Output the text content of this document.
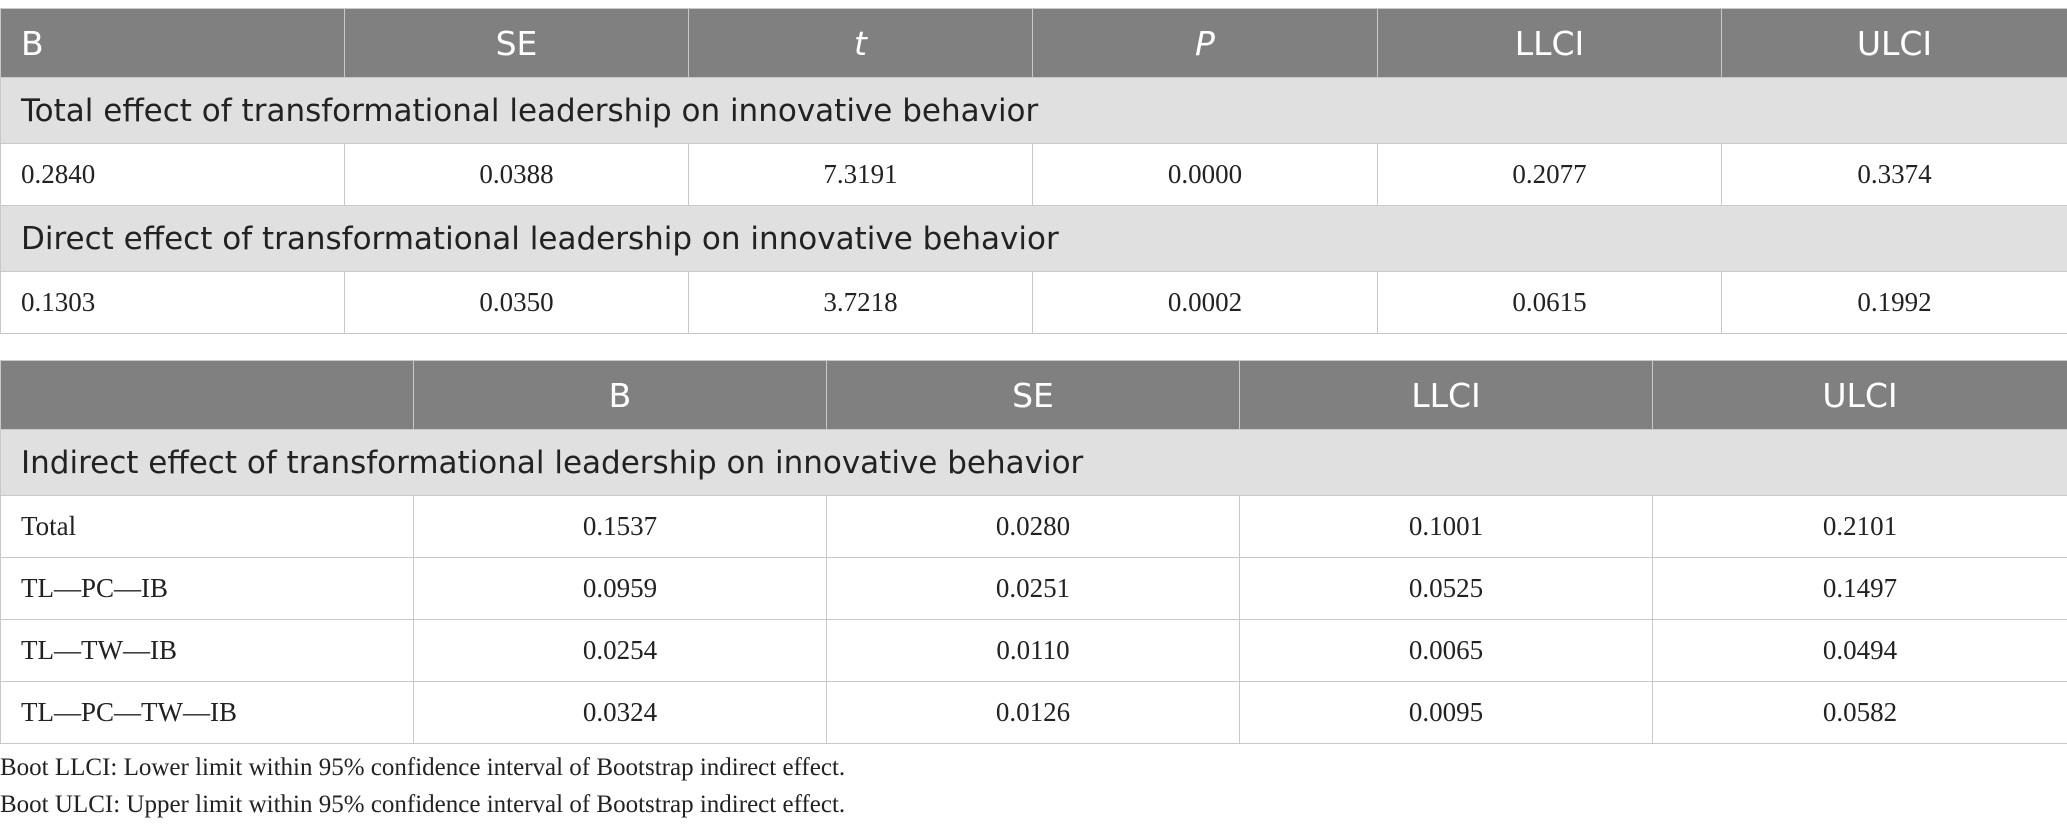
B	SE	t	P	LLCI	ULCI
Total effect of transformational leadership on innovative behavior					
0.2840	0.0388	7.3191	0.0000	0.2077	0.3374
Direct effect of transformational leadership on innovative behavior					
0.1303	0.0350	3.7218	0.0002	0.0615	0.1992
	B	SE	LLCI	ULCI
Indirect effect of transformational leadership on innovative behavior				
Total	0.1537	0.0280	0.1001	0.2101
TL—PC—IB	0.0959	0.0251	0.0525	0.1497
TL—TW—IB	0.0254	0.0110	0.0065	0.0494
TL—PC—TW—IB	0.0324	0.0126	0.0095	0.0582
Boot LLCI: Lower limit within 95% confidence interval of Bootstrap indirect effect.
Boot ULCI: Upper limit within 95% confidence interval of Bootstrap indirect effect.
